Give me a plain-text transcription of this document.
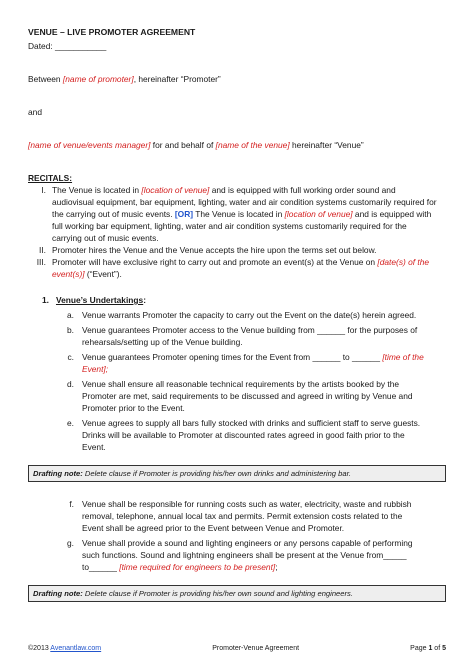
VENUE – LIVE PROMOTER AGREEMENT
Dated: ___________
Between [name of promoter], hereinafter “Promoter”
and
[name of venue/events manager] for and behalf of [name of the venue] hereinafter “Venue”
RECITALS:
I. The Venue is located in [location of venue] and is equipped with full working order sound and audiovisual equipment, bar equipment, lighting, water and air condition systems customarily required for the carrying out of music events. [OR] The Venue is located in [location of venue] and is equipped with full working bar equipment, lighting, water and air condition systems customarily required for the carrying out of music events.
II. Promoter hires the Venue and the Venue accepts the hire upon the terms set out below.
III. Promoter will have exclusive right to carry out and promote an event(s) at the Venue on [date(s) of the event(s)] (“Event”).
1. Venue’s Undertakings:
a. Venue warrants Promoter the capacity to carry out the Event on the date(s) herein agreed.
b. Venue guarantees Promoter access to the Venue building from ______ for the purposes of rehearsals/setting up of the Venue building.
c. Venue guarantees Promoter opening times for the Event from ______ to ______ [time of the Event];
d. Venue shall ensure all reasonable technical requirements by the artists booked by the Promoter are met, said requirements to be discussed and agreed in writing by Venue and Promoter prior to the Event.
e. Venue agrees to supply all bars fully stocked with drinks and sufficient staff to serve guests. Drinks will be available to Promoter at discounted rates agreed in good faith prior to the Event.
Drafting note: Delete clause if Promoter is providing his/her own drinks and administering bar.
f. Venue shall be responsible for running costs such as water, electricity, waste and rubbish removal, telephone, annual local tax and permits. Permit extension costs related to the Event shall be agreed prior to the Event between Venue and Promoter.
g. Venue shall provide a sound and lighting engineers or any persons capable of performing such functions. Sound and lightning engineers shall be present at the Venue from_____ to______ [time required for engineers to be present];
Drafting note: Delete clause if Promoter is providing his/her own sound and lighting engineers.
©2013 Avenantlaw.com	Promoter-Venue Agreement	Page 1 of 5
